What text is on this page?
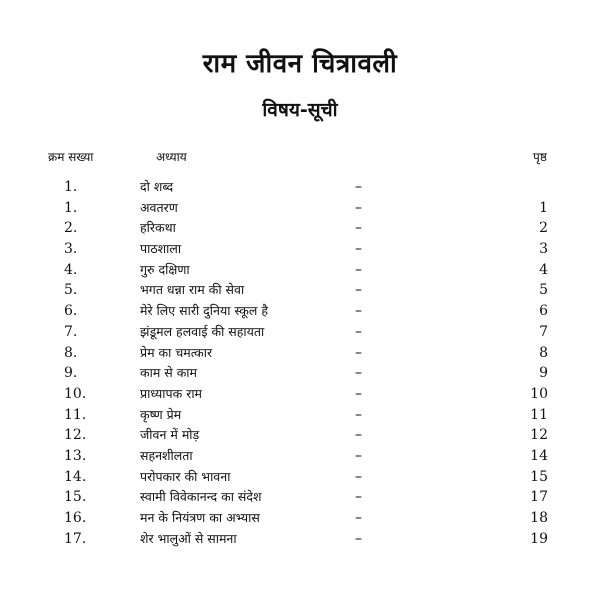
राम जीवन चित्रावली
विषय-सूची
क्रम सख्या	अध्याय	पृष्ठ
1.	दो शब्द	–
1.	अवतरण	–	1
2.	हरिकथा	–	2
3.	पाठशाला	–	3
4.	गुरु दक्षिणा	–	4
5.	भगत धन्ना राम की सेवा	–	5
6.	मेरे लिए सारी दुनिया स्कूल है	–	6
7.	झंडूमल हलवाई की सहायता	–	7
8.	प्रेम का चमत्कार	–	8
9.	काम से काम	–	9
10.	प्राध्यापक राम	–	10
11.	कृष्ण प्रेम	–	11
12.	जीवन में मोड़	–	12
13.	सहनशीलता	–	14
14.	परोपकार की भावना	–	15
15.	स्वामी विवेकानन्द का संदेश	–	17
16.	मन के नियंत्रण का अभ्यास	–	18
17.	शेर भालुओं से सामना	–	19
